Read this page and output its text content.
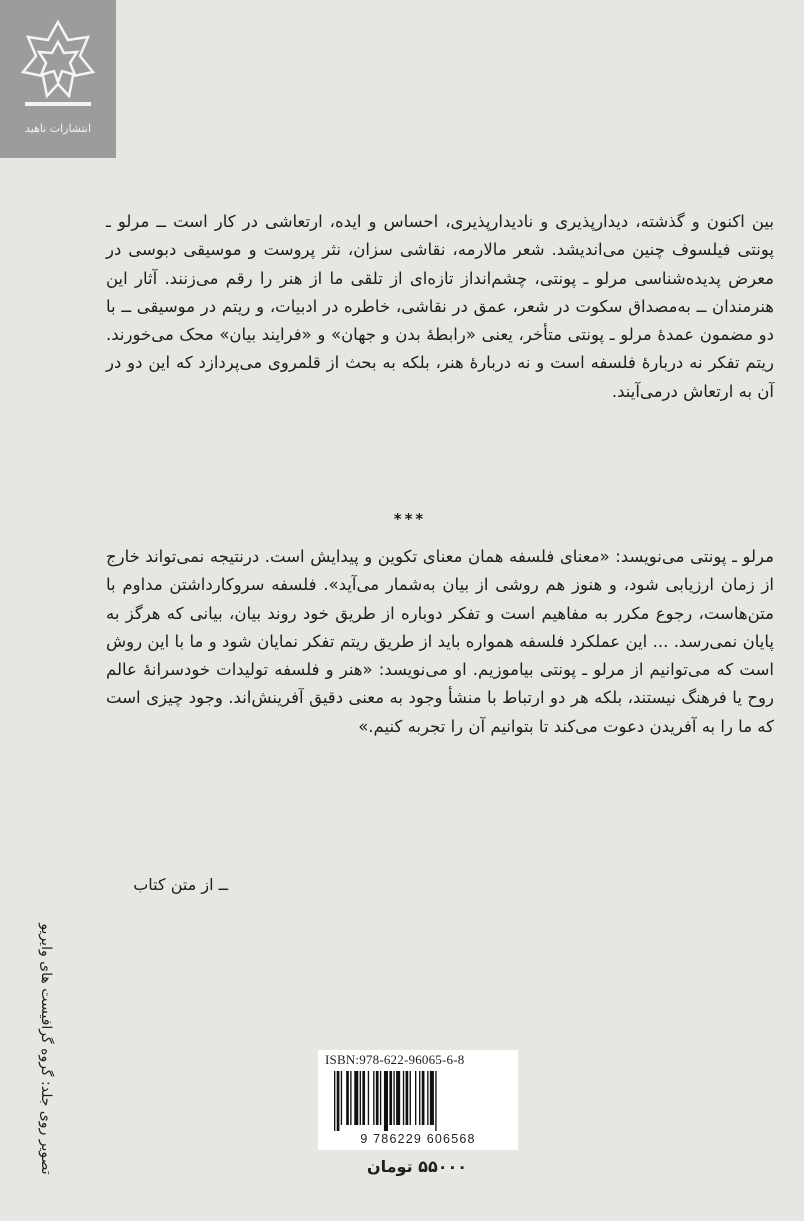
انتشارات ناهید

بین اکنون و گذشته، دیدارپذیری و نادیدارپذیری، احساس و ایده، ارتعاشی در کار است ــ مرلو ـ پونتی فیلسوف چنین می‌اندیشد. شعر مالارمه، نقاشی سزان، نثر پروست و موسیقی دبوسی در معرض پدیده‌شناسی مرلو ـ پونتی، چشم‌انداز تازه‌ای از تلقی ما از هنر را رقم می‌زنند. آثار این هنرمندان ــ به‌مصداق سکوت در شعر، عمق در نقاشی، خاطره در ادبیات، و ریتم در موسیقی ــ با دو مضمون عمدهٔ مرلو ـ پونتی متأخر، یعنی «رابطهٔ بدن و جهان» و «فرایند بیان» محک می‌خورند. ریتم تفکر نه دربارهٔ فلسفه است و نه دربارهٔ هنر، بلکه به بحث از قلمروی می‌پردازد که این دو در آن به ارتعاش درمی‌آیند.

***

مرلو ـ پونتی می‌نویسد: «معنای فلسفه همان معنای تکوین و پیدایش است. درنتیجه نمی‌تواند خارج از زمان ارزیابی شود، و هنوز هم روشی از بیان به‌شمار می‌آید». فلسفه سروکارداشتن مداوم با متن‌هاست، رجوع مکرر به مفاهیم است و تفکر دوباره از طریق خود روند بیان، بیانی که هرگز به پایان نمی‌رسد. ... این عملکرد فلسفه همواره باید از طریق ریتم تفکر نمایان شود و ما با این روش است که می‌توانیم از مرلو ـ پونتی بیاموزیم. او می‌نویسد: «هنر و فلسفه تولیدات خودسرانهٔ عالم روح یا فرهنگ نیستند، بلکه هر دو ارتباط با منشأ وجود به معنی دقیق آفرینش‌اند. وجود چیزی است که ما را به آفریدن دعوت می‌کند تا بتوانیم آن را تجربه کنیم.»

ــ از متن کتاب
تصویر روی جلد: گروه گرافیست های وایریو	ISBN:978-622-96065-6-8
9 786229 606568
۵۵۰۰۰ تومان
